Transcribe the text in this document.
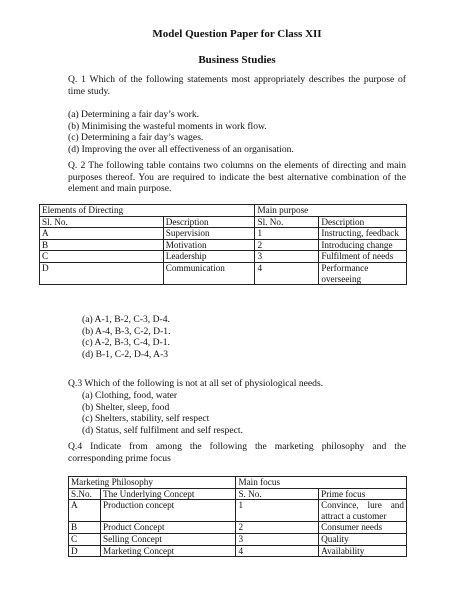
Model Question Paper for Class XII
Business Studies
Q. 1 Which of the following statements most appropriately describes the purpose of time study.
(a) Determining a fair day’s work.
(b) Minimising the wasteful moments in work flow.
(c) Determining a fair day’s wages.
(d) Improving the over all effectiveness of an organisation.
Q. 2 The following table contains two columns on the elements of directing and main purposes thereof. You are required to indicate the best alternative combination of the element and main purpose.
Elements of Directing		Main purpose	
Sl. No.	Description	Sl. No.	Description
A	Supervision	1	Instructing, feedback
B	Motivation	2	Introducing change
C	Leadership	3	Fulfilment of needs
D	Communication	4	Performance overseeing
(a) A-1, B-2, C-3, D-4.
(b) A-4, B-3, C-2, D-1.
(c) A-2, B-3, C-4, D-1.
(d) B-1, C-2, D-4, A-3
Q.3 Which of the following is not at all set of physiological needs.
(a) Clothing, food, water
(b) Shelter, sleep, food
(c) Shelters, stability, self respect
(d) Status, self fulfilment and self respect.
Q.4 Indicate from among the following the marketing philosophy and the corresponding prime focus
Marketing Philosophy		Main focus	
S.No.	The Underlying Concept	S. No.	Prime focus
A	Production concept	1	Convince, lure and attract a customer
B	Product Concept	2	Consumer needs
C	Selling Concept	3	Quality
D	Marketing Concept	4	Availability
